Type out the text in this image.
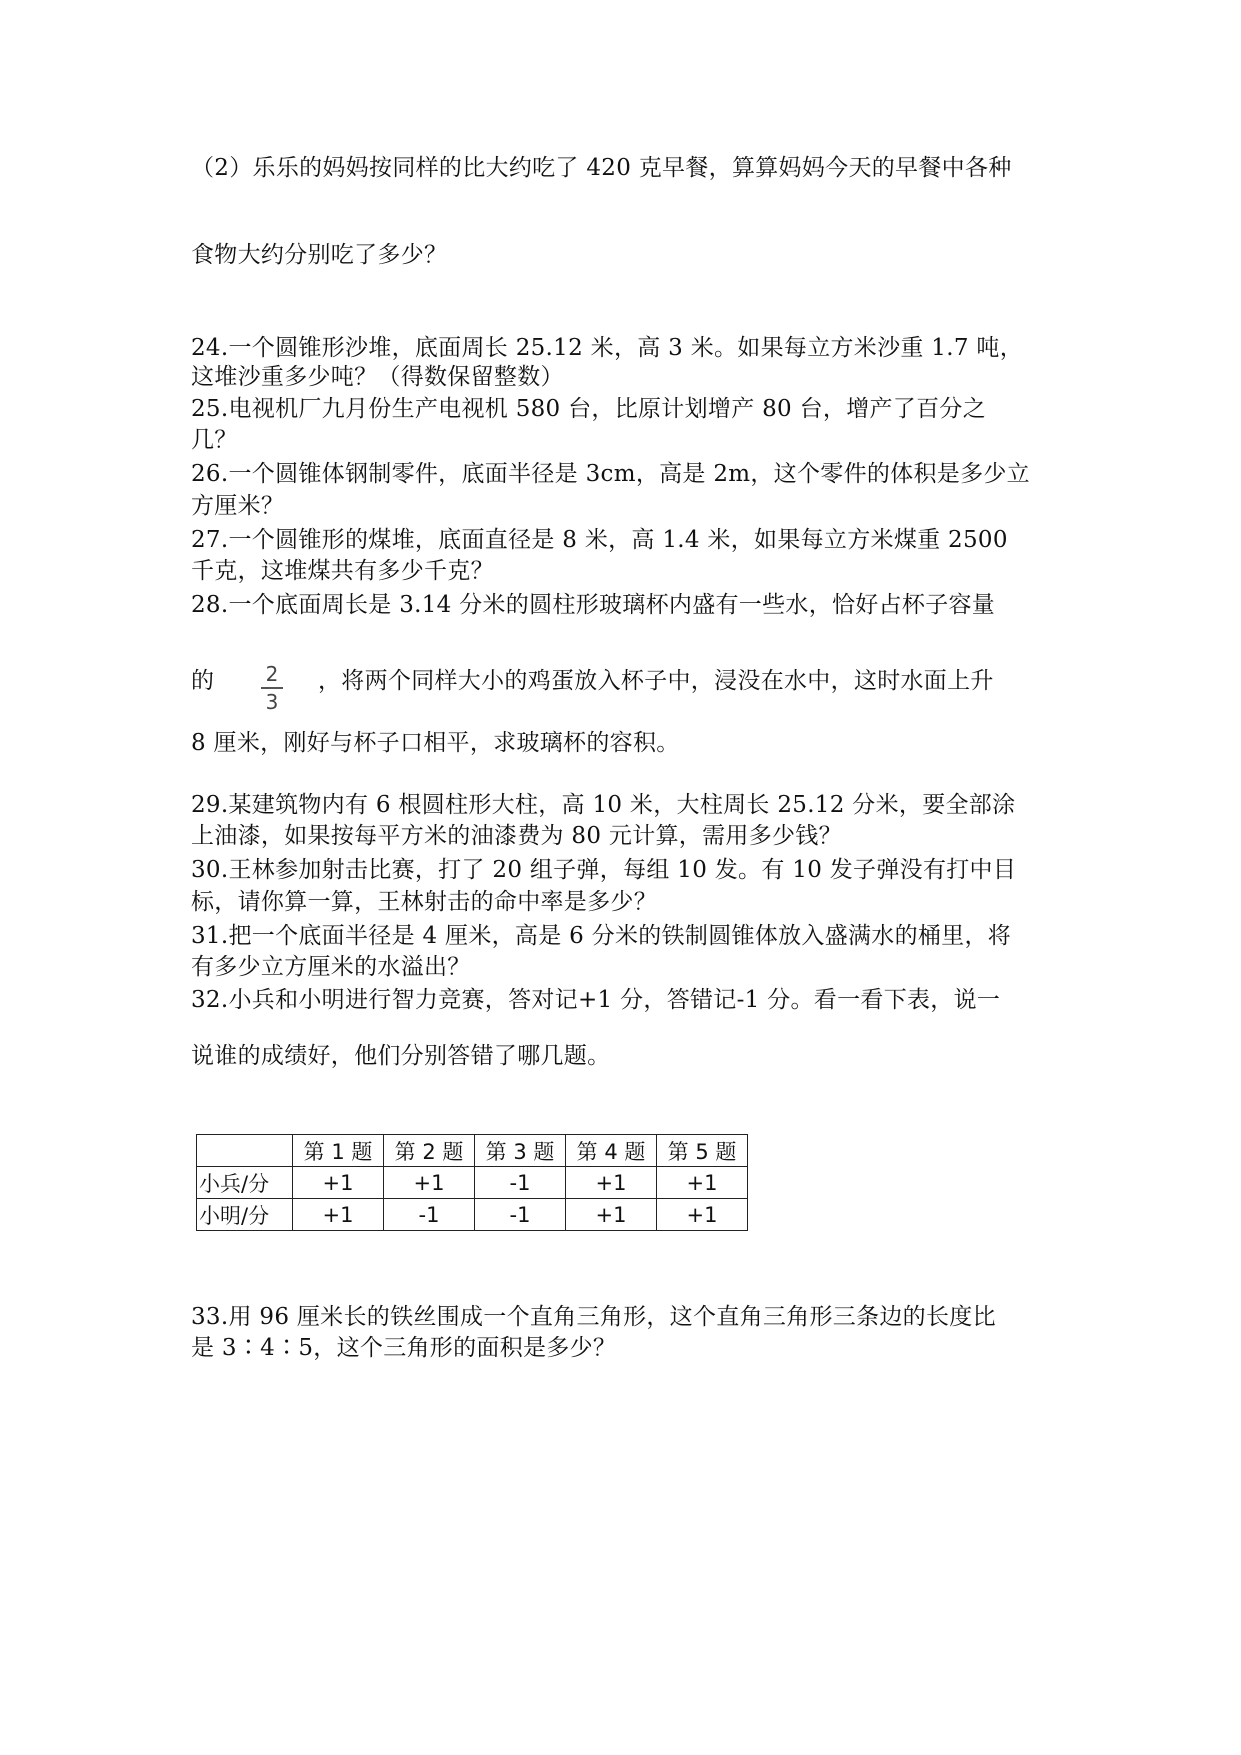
（2）乐乐的妈妈按同样的比大约吃了 420 克早餐，算算妈妈今天的早餐中各种
食物大约分别吃了多少？
24.一个圆锥形沙堆，底面周长 25.12 米，高 3 米。如果每立方米沙重 1.7 吨，
这堆沙重多少吨？（得数保留整数）
25.电视机厂九月份生产电视机 580 台，比原计划增产 80 台，增产了百分之
几？
26.一个圆锥体钢制零件，底面半径是 3cm，高是 2m，这个零件的体积是多少立
方厘米？
27.一个圆锥形的煤堆，底面直径是 8 米，高 1.4 米，如果每立方米煤重 2500
千克，这堆煤共有多少千克？
28.一个底面周长是 3.14 分米的圆柱形玻璃杯内盛有一些水，恰好占杯子容量
的	2
3
，将两个同样大小的鸡蛋放入杯子中，浸没在水中，这时水面上升
8 厘米，刚好与杯子口相平，求玻璃杯的容积。
29.某建筑物内有 6 根圆柱形大柱，高 10 米，大柱周长 25.12 分米，要全部涂
上油漆，如果按每平方米的油漆费为 80 元计算，需用多少钱？
30.王林参加射击比赛，打了 20 组子弹，每组 10 发。有 10 发子弹没有打中目
标，请你算一算，王林射击的命中率是多少？
31.把一个底面半径是 4 厘米，高是 6 分米的铁制圆锥体放入盛满水的桶里，将
有多少立方厘米的水溢出？
32.小兵和小明进行智力竞赛，答对记+1 分，答错记-1 分。看一看下表，说一
说谁的成绩好，他们分别答错了哪几题。
	第 1 题	第 2 题	第 3 题	第 4 题	第 5 题
小兵/分	+1	+1	-1	+1	+1
小明/分	+1	-1	-1	+1	+1
33.用 96 厘米长的铁丝围成一个直角三角形，这个直角三角形三条边的长度比
是 3∶4∶5，这个三角形的面积是多少？
